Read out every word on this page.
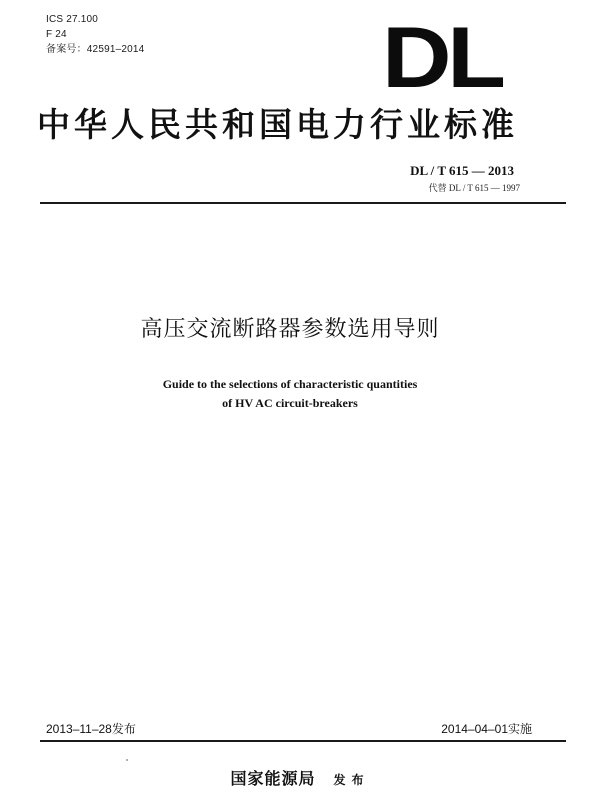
ICS 27.100
F 24
备案号：42591–2014	DL
中华人民共和国电力行业标准
DL / T 615 — 2013
代替 DL / T 615 — 1997
高压交流断路器参数选用导则
Guide to the selections of characteristic quantities
of HV AC circuit-breakers
2013–11–28发布	2014–04–01实施
国家能源局 发布
